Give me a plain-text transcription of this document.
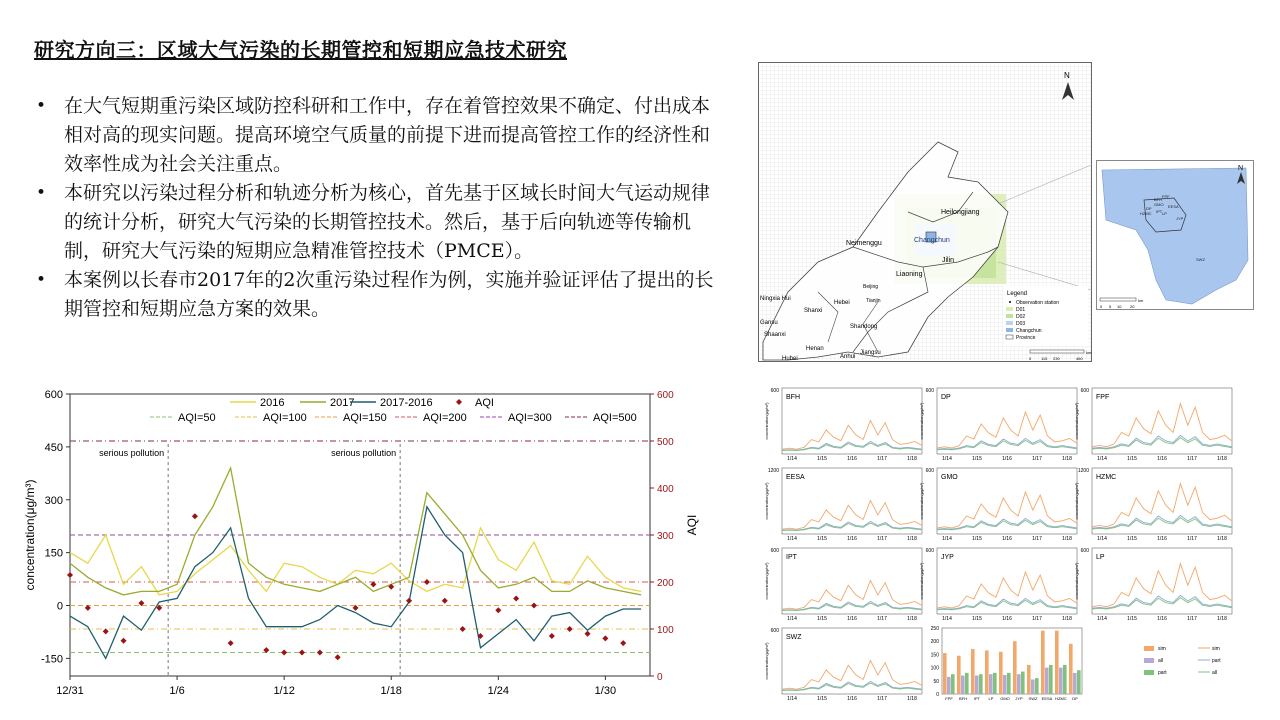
研究方向三：区域大气污染的长期管控和短期应急技术研究
• 在大气短期重污染区域防控科研和工作中，存在着管控效果不确定、付出成本相对高的现实问题。提高环境空气质量的前提下进而提高管控工作的经济性和效率性成为社会关注重点。
• 本研究以污染过程分析和轨迹分析为核心，首先基于区域长时间大气运动规律的统计分析，研究大气污染的长期管控技术。然后，基于后向轨迹等传输机制，研究大气污染的短期应急精准管控技术（PMCE）。
• 本案例以长春市2017年的2次重污染过程作为例，实施并验证评估了提出的长期管控和短期应急方案的效果。
Heilongjiang
Jilin
Neimenggu
Liaoning
Beijing
Tianjin
Hebei
Shanxi
Ningxia Hui
Gansu
Shaanxi
Henan
Shandong
Anhui
Jiangsu
Hubei
Changchun
N
Legend
Observation station
D01
D02
D03
Changchun
Province
0 115 230	460
km
N
BFH
FPF
DP
GMO EESA
HZMC IPT
JYP
LP
SWZ
0 5 10 20
km
600
450
300
150
0
-150
600
500
400
300
200
100
0
12/31	1/6	1/12	1/18	1/24	1/30
concentration(μg/m³)	AQI
serious pollution	serious pollution
2016	2017 2017-2016	AQI
AQI=50	AQI=100	AQI=150	AQI=200	AQI=300	AQI=500
BFH
600
concentration(μg/m³)
1/14	1/15	1/16	1/17	1/18
DP
600
concentration(μg/m³)
1/14	1/15	1/16	1/17	1/18
FPF
600
concentration(μg/m³)
1/14	1/15	1/16	1/17	1/18
EESA
1200
concentration(μg/m³)
1/14	1/15	1/16	1/17	1/18
GMO
600
concentration(μg/m³)
1/14	1/15	1/16	1/17	1/18
HZMC
1200
concentration(μg/m³)
1/14	1/15	1/16	1/17	1/18
IPT
600
concentration(μg/m³)
1/14	1/15	1/16	1/17	1/18
JYP
600
concentration(μg/m³)
1/14	1/15	1/16	1/17	1/18
LP
600
concentration(μg/m³)
1/14	1/15	1/16	1/17	1/18
SWZ
600
concentration(μg/m³)
1/14	1/15	1/16	1/17	1/18
250
200
150
100
50
0
FPF BFH IPT LP GMO JYP SWZ EESA HZMC DP
sim	sim
all	part
part	all
